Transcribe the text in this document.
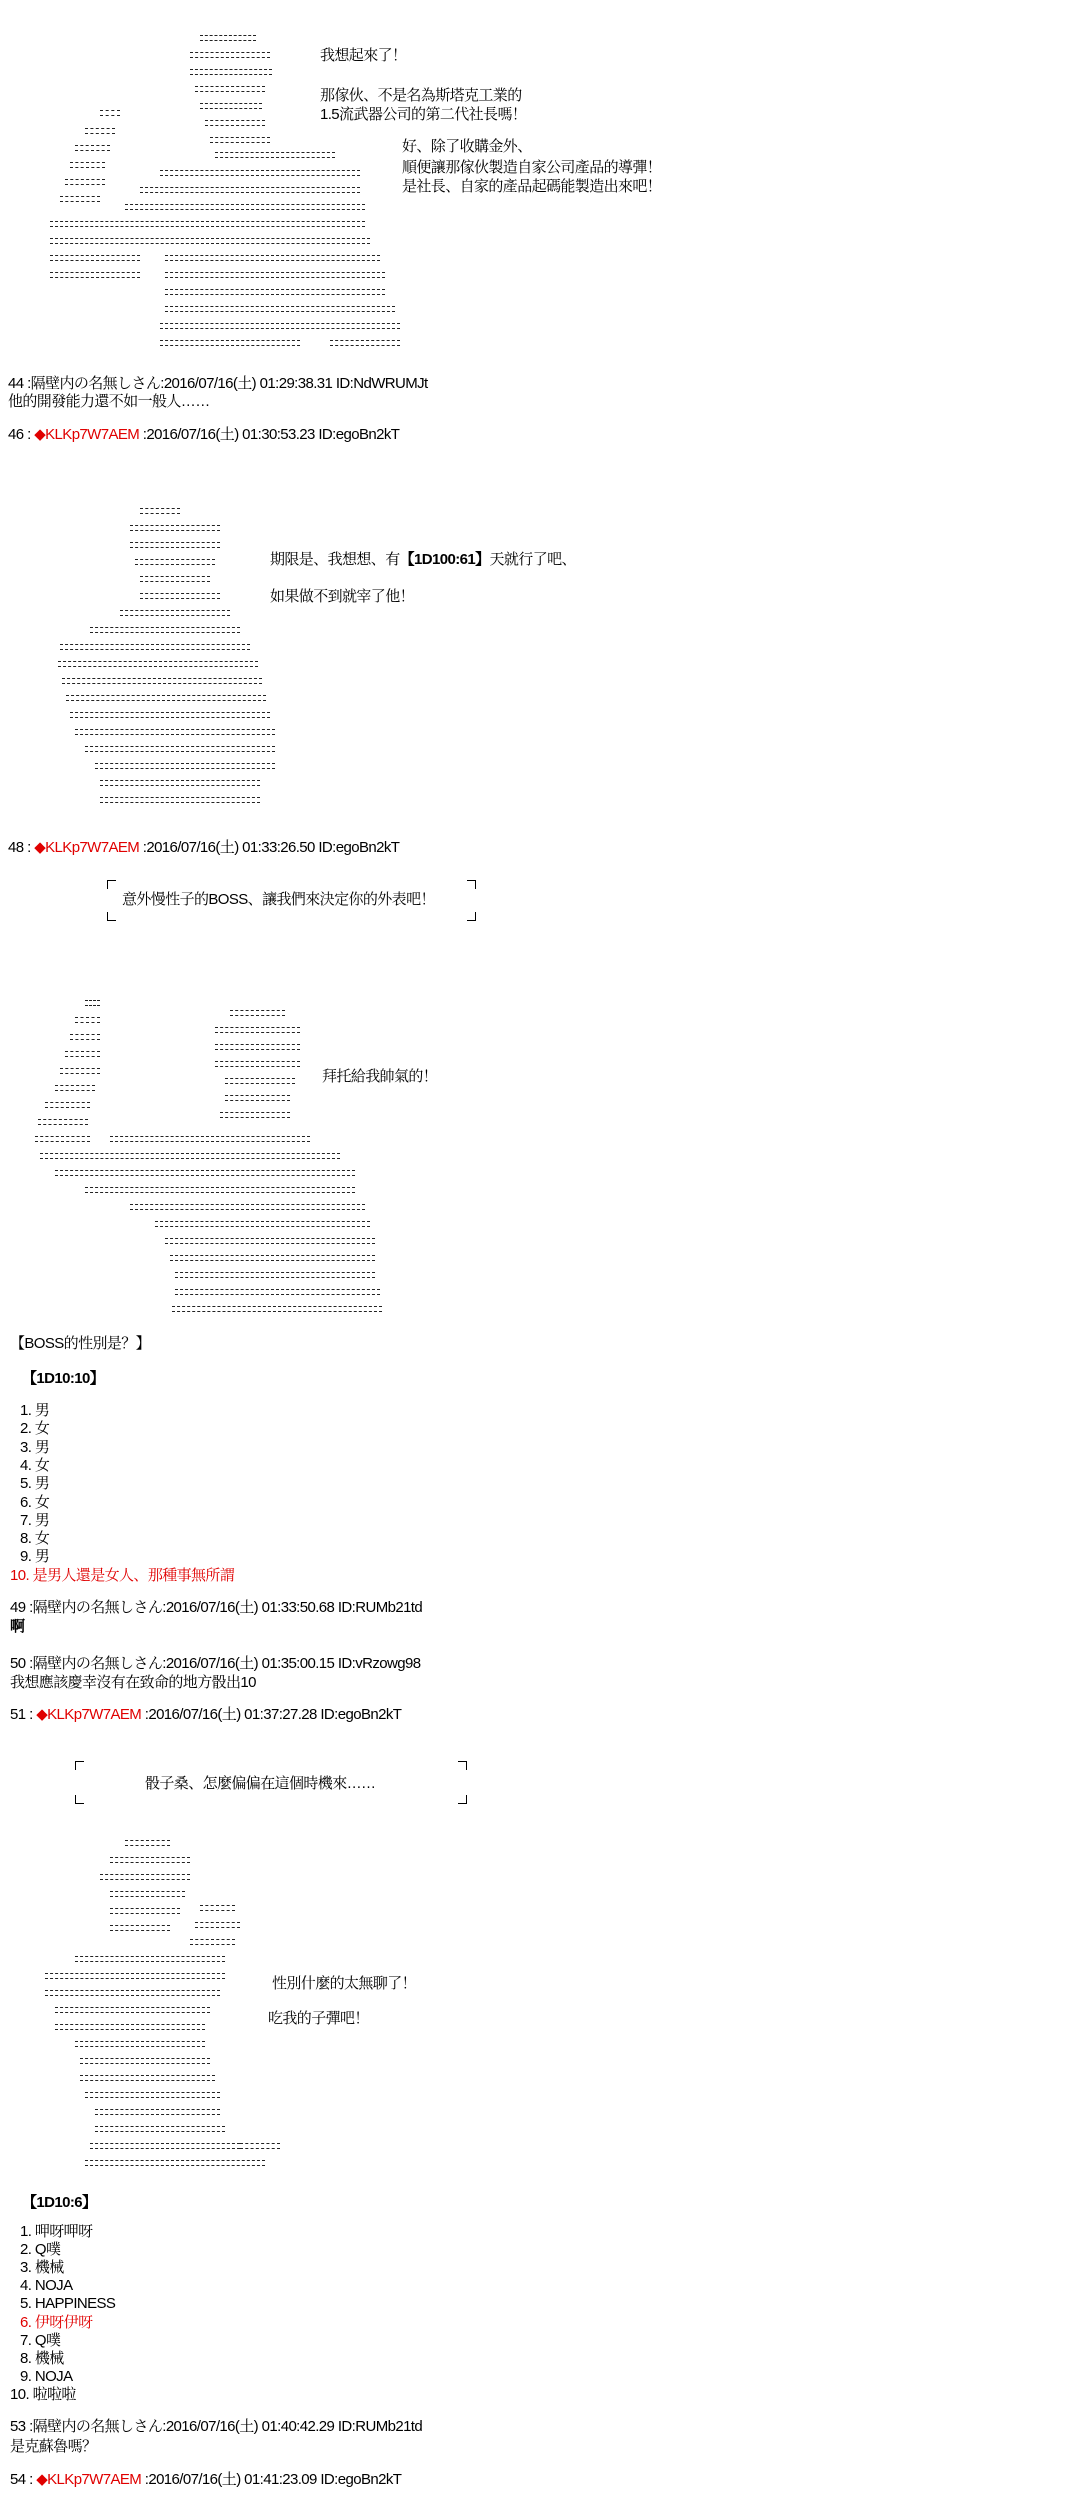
我想起來了！
那傢伙、不是名為斯塔克工業的
1.5流武器公司的第二代社長嗎！
好、除了收購金外、
順便讓那傢伙製造自家公司產品的導彈！
是社長、自家的產品起碼能製造出來吧！
44 :隔壁内の名無しさん:2016/07/16(土) 01:29:38.31 ID:NdWRUMJt
他的開發能力還不如一般人……
46 : ◆KLKp7W7AEM :2016/07/16(土) 01:30:53.23 ID:egoBn2kT
期限是、我想想、有【1D100:61】天就行了吧、
如果做不到就宰了他！
48 : ◆KLKp7W7AEM :2016/07/16(土) 01:33:26.50 ID:egoBn2kT
意外慢性子的BOSS、讓我們來決定你的外表吧！
拜托給我帥氣的！
【BOSS的性別是？】
【1D10:10】
1. 男
2. 女
3. 男
4. 女
5. 男
6. 女
7. 男
8. 女
9. 男
10. 是男人還是女人、那種事無所謂
49 :隔壁内の名無しさん:2016/07/16(土) 01:33:50.68 ID:RUMb21td
啊
50 :隔壁内の名無しさん:2016/07/16(土) 01:35:00.15 ID:vRzowg98
我想應該慶幸沒有在致命的地方骰出10
51 : ◆KLKp7W7AEM :2016/07/16(土) 01:37:27.28 ID:egoBn2kT
骰子桑、怎麼偏偏在這個時機來……
性別什麼的太無聊了！
吃我的子彈吧！
【1D10:6】
1. 呷呀呷呀
2. Q噗
3. 機械
4. NOJA
5. HAPPINESS
6. 伊呀伊呀
7. Q噗
8. 機械
9. NOJA
10. 啦啦啦
53 :隔壁内の名無しさん:2016/07/16(土) 01:40:42.29 ID:RUMb21td
是克蘇魯嗎？
54 : ◆KLKp7W7AEM :2016/07/16(土) 01:41:23.09 ID:egoBn2kT
